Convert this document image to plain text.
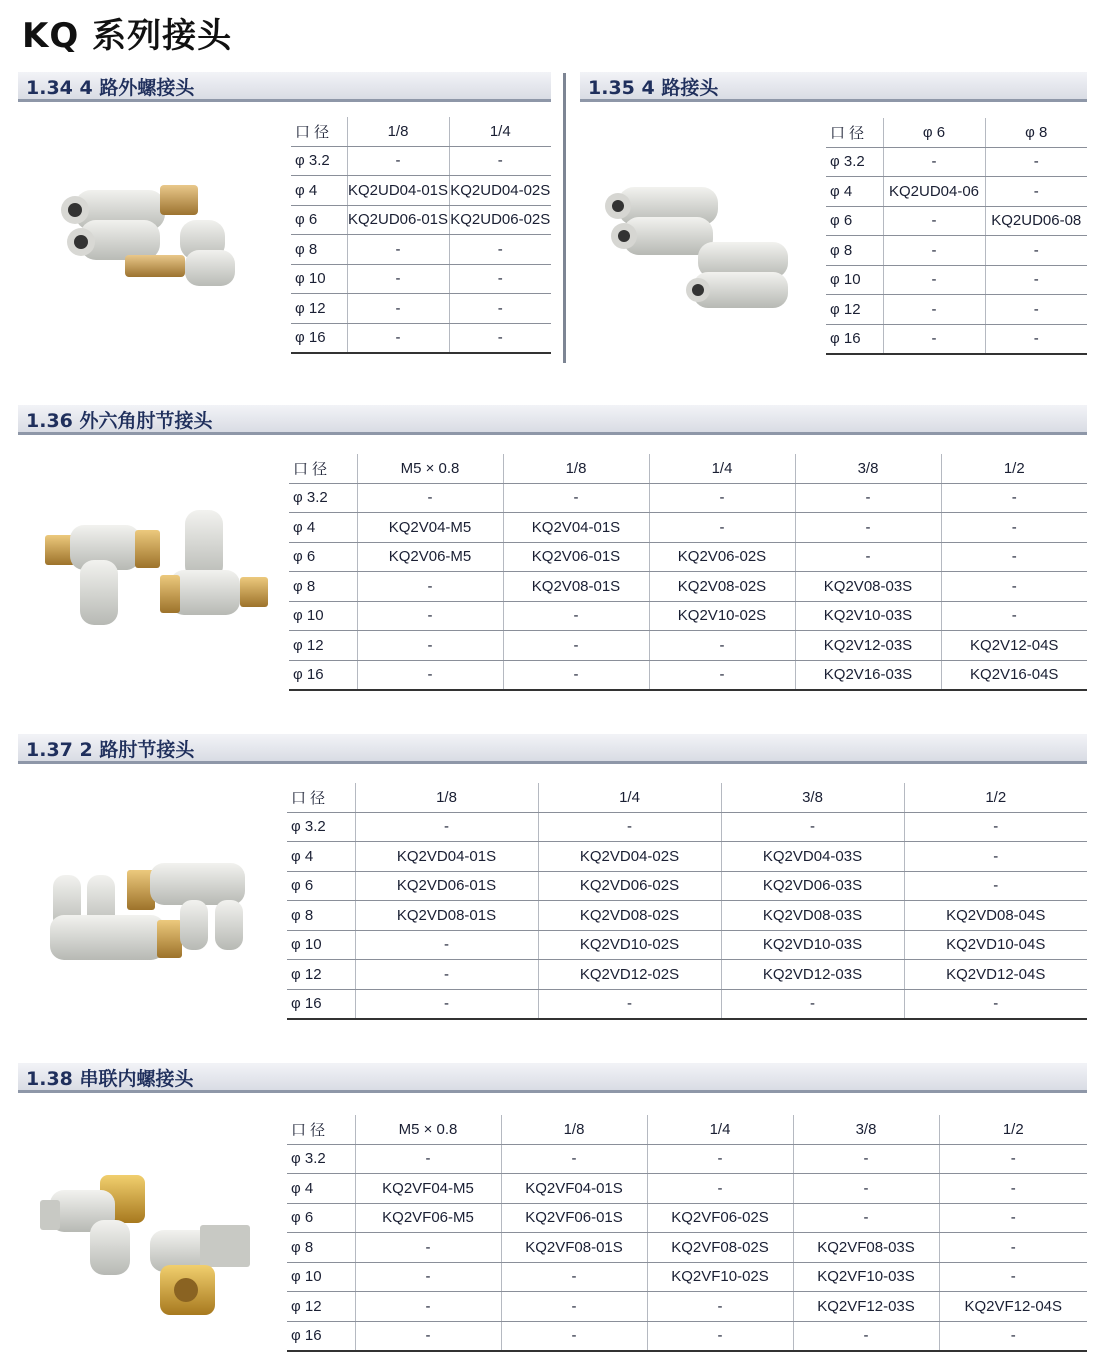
KQ 系列接头
1.34 4 路外螺接头	1.35 4 路接头
1.36 外六角肘节接头
1.37 2 路肘节接头
1.38 串联内螺接头
口 径	1/8	1/4
φ 3.2	-	-
φ 4	KQ2UD04-01S	KQ2UD04-02S
φ 6	KQ2UD06-01S	KQ2UD06-02S
φ 8	-	-
φ 10	-	-
φ 12	-	-
φ 16	-	-
口 径	φ 6	φ 8
φ 3.2	-	-
φ 4	KQ2UD04-06	-
φ 6	-	KQ2UD06-08
φ 8	-	-
φ 10	-	-
φ 12	-	-
φ 16	-	-
口 径	M5 × 0.8	1/8	1/4	3/8	1/2
φ 3.2	-	-	-	-	-
φ 4	KQ2V04-M5	KQ2V04-01S	-	-	-
φ 6	KQ2V06-M5	KQ2V06-01S	KQ2V06-02S	-	-
φ 8	-	KQ2V08-01S	KQ2V08-02S	KQ2V08-03S	-
φ 10	-	-	KQ2V10-02S	KQ2V10-03S	-
φ 12	-	-	-	KQ2V12-03S	KQ2V12-04S
φ 16	-	-	-	KQ2V16-03S	KQ2V16-04S
口 径	1/8	1/4	3/8	1/2
φ 3.2	-	-	-	-
φ 4	KQ2VD04-01S	KQ2VD04-02S	KQ2VD04-03S	-
φ 6	KQ2VD06-01S	KQ2VD06-02S	KQ2VD06-03S	-
φ 8	KQ2VD08-01S	KQ2VD08-02S	KQ2VD08-03S	KQ2VD08-04S
φ 10	-	KQ2VD10-02S	KQ2VD10-03S	KQ2VD10-04S
φ 12	-	KQ2VD12-02S	KQ2VD12-03S	KQ2VD12-04S
φ 16	-	-	-	-
口 径	M5 × 0.8	1/8	1/4	3/8	1/2
φ 3.2	-	-	-	-	-
φ 4	KQ2VF04-M5	KQ2VF04-01S	-	-	-
φ 6	KQ2VF06-M5	KQ2VF06-01S	KQ2VF06-02S	-	-
φ 8	-	KQ2VF08-01S	KQ2VF08-02S	KQ2VF08-03S	-
φ 10	-	-	KQ2VF10-02S	KQ2VF10-03S	-
φ 12	-	-	-	KQ2VF12-03S	KQ2VF12-04S
φ 16	-	-	-	-	-
